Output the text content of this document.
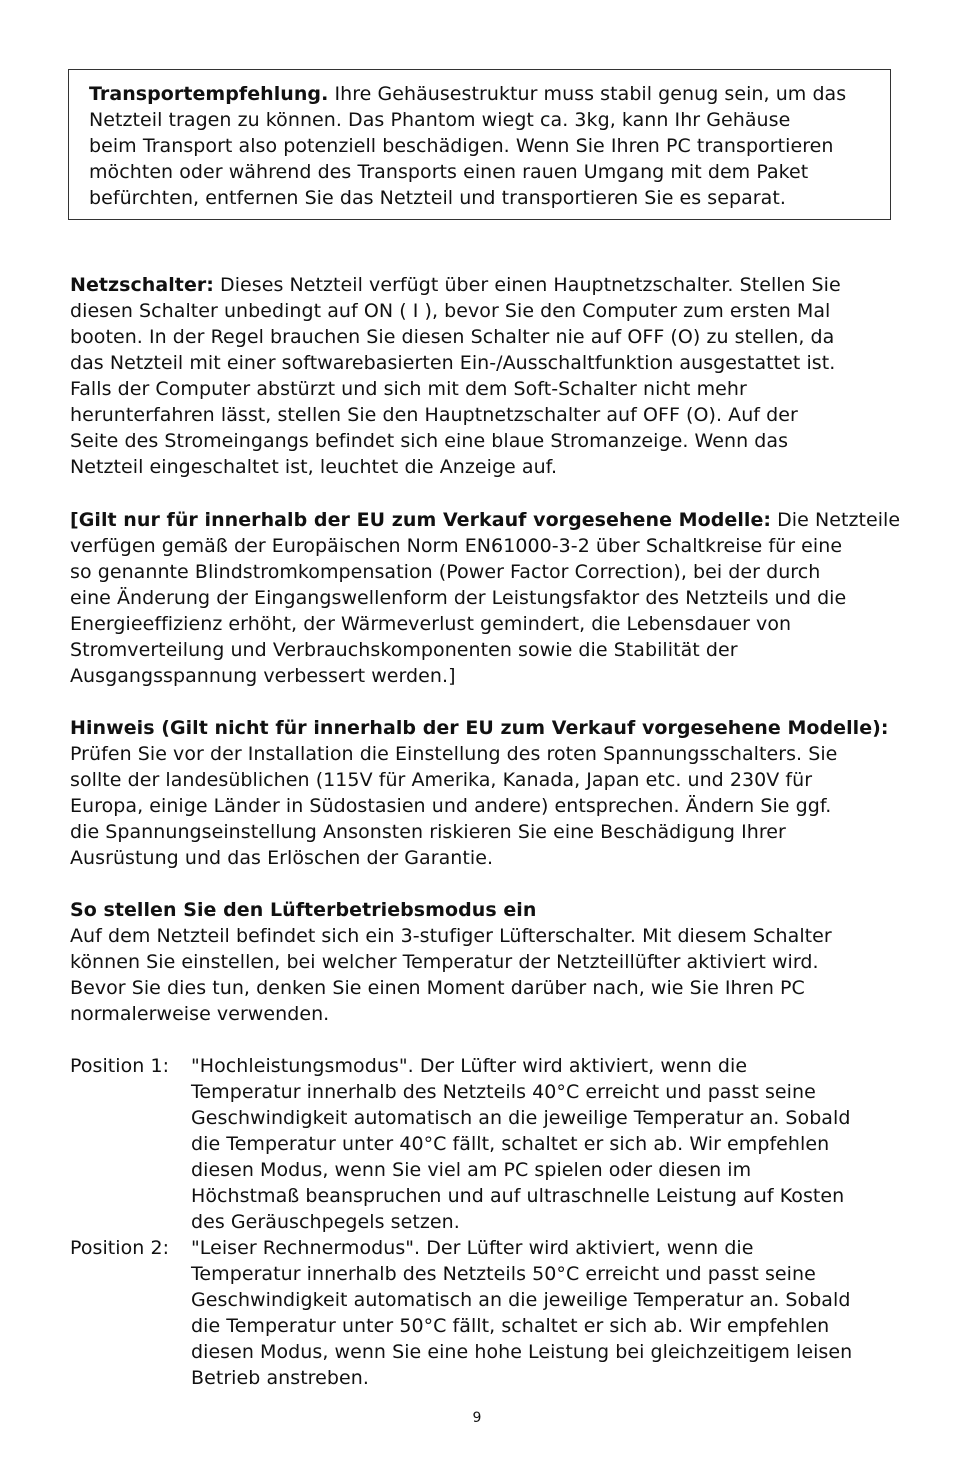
Transportempfehlung. Ihre Gehäusestruktur muss stabil genug sein, um das
Netzteil tragen zu können. Das Phantom wiegt ca. 3kg, kann Ihr Gehäuse
beim Transport also potenziell beschädigen. Wenn Sie Ihren PC transportieren
möchten oder während des Transports einen rauen Umgang mit dem Paket
befürchten, entfernen Sie das Netzteil und transportieren Sie es separat.
Netzschalter: Dieses Netzteil verfügt über einen Hauptnetzschalter. Stellen Sie
diesen Schalter unbedingt auf ON ( I ), bevor Sie den Computer zum ersten Mal
booten. In der Regel brauchen Sie diesen Schalter nie auf OFF (O) zu stellen, da
das Netzteil mit einer softwarebasierten Ein-/Ausschaltfunktion ausgestattet ist.
Falls der Computer abstürzt und sich mit dem Soft-Schalter nicht mehr
herunterfahren lässt, stellen Sie den Hauptnetzschalter auf OFF (O). Auf der
Seite des Stromeingangs befindet sich eine blaue Stromanzeige. Wenn das
Netzteil eingeschaltet ist, leuchtet die Anzeige auf.
[Gilt nur für innerhalb der EU zum Verkauf vorgesehene Modelle: Die Netzteile
verfügen gemäß der Europäischen Norm EN61000-3-2 über Schaltkreise für eine
so genannte Blindstromkompensation (Power Factor Correction), bei der durch
eine Änderung der Eingangswellenform der Leistungsfaktor des Netzteils und die
Energieeffizienz erhöht, der Wärmeverlust gemindert, die Lebensdauer von
Stromverteilung und Verbrauchskomponenten sowie die Stabilität der
Ausgangsspannung verbessert werden.]
Hinweis (Gilt nicht für innerhalb der EU zum Verkauf vorgesehene Modelle):
Prüfen Sie vor der Installation die Einstellung des roten Spannungsschalters. Sie
sollte der landesüblichen (115V für Amerika, Kanada, Japan etc. und 230V für
Europa, einige Länder in Südostasien und andere) entsprechen. Ändern Sie ggf.
die Spannungseinstellung Ansonsten riskieren Sie eine Beschädigung Ihrer
Ausrüstung und das Erlöschen der Garantie.
So stellen Sie den Lüfterbetriebsmodus ein
Auf dem Netzteil befindet sich ein 3-stufiger Lüfterschalter. Mit diesem Schalter
können Sie einstellen, bei welcher Temperatur der Netzteillüfter aktiviert wird.
Bevor Sie dies tun, denken Sie einen Moment darüber nach, wie Sie Ihren PC
normalerweise verwenden.
Position 1: "Hochleistungsmodus". Der Lüfter wird aktiviert, wenn die
Temperatur innerhalb des Netzteils 40°C erreicht und passt seine
Geschwindigkeit automatisch an die jeweilige Temperatur an. Sobald
die Temperatur unter 40°C fällt, schaltet er sich ab. Wir empfehlen
diesen Modus, wenn Sie viel am PC spielen oder diesen im
Höchstmaß beanspruchen und auf ultraschnelle Leistung auf Kosten
des Geräuschpegels setzen.
Position 2: "Leiser Rechnermodus". Der Lüfter wird aktiviert, wenn die
Temperatur innerhalb des Netzteils 50°C erreicht und passt seine
Geschwindigkeit automatisch an die jeweilige Temperatur an. Sobald
die Temperatur unter 50°C fällt, schaltet er sich ab. Wir empfehlen
diesen Modus, wenn Sie eine hohe Leistung bei gleichzeitigem leisen
Betrieb anstreben.
9
